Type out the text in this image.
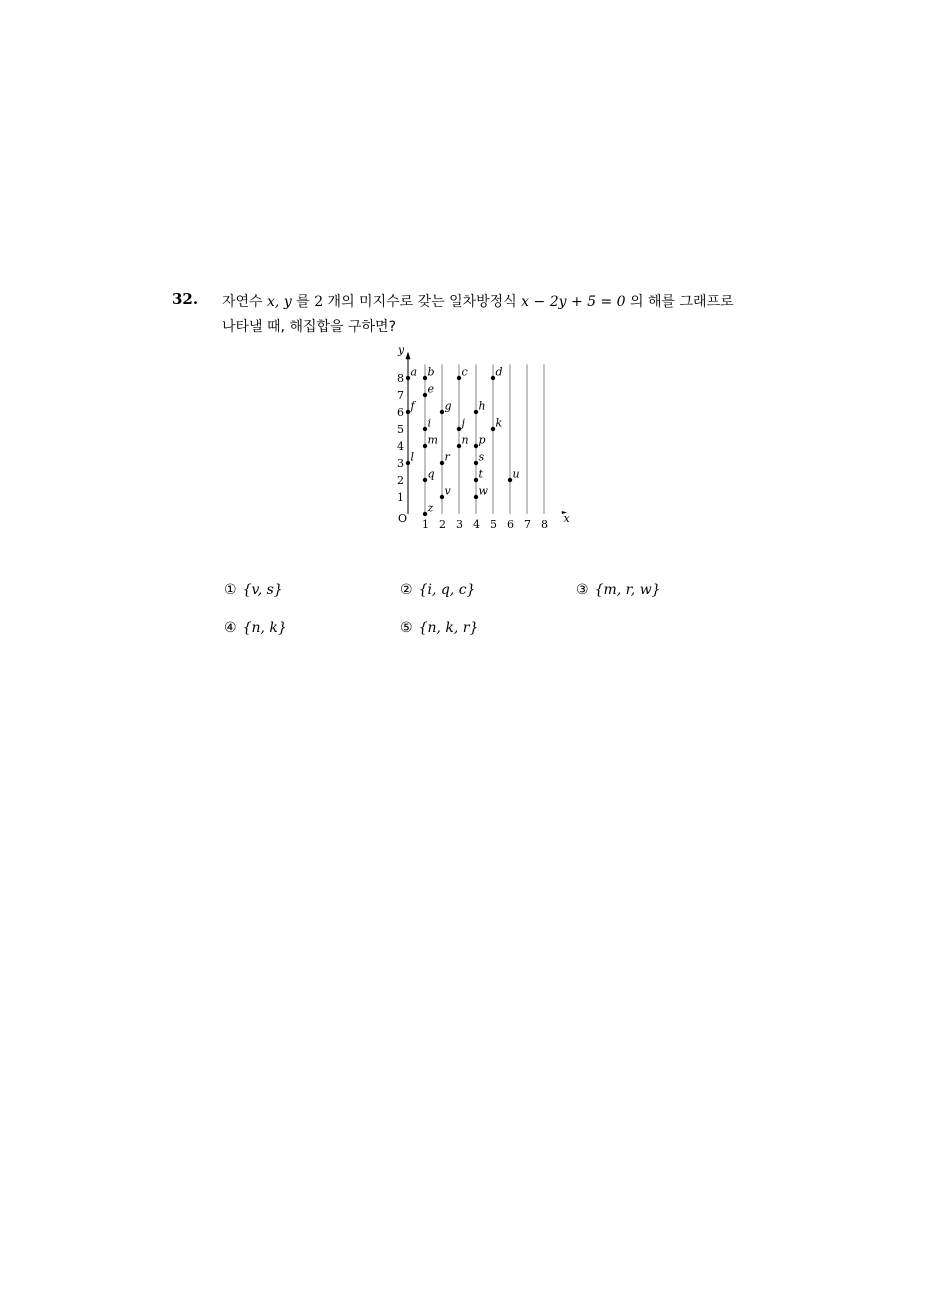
32. 자연수 x, y 를 2 개의 미지수로 갖는 일차방정식 x − 2y + 5 = 0 의 해를 그래프로
나타낼 때, 해집합을 구하면?
y
x
O 1 2 3 4 5 6 7 8
1
2
3
4
5
6
7
8 a b c	d
e
f	g h
i	j	k
l
m n p
r	s
q	t	u
v	w
z
① {v, s}	② {i, q, c}	③ {m, r, w}
④ {n, k}	⑤ {n, k, r}
